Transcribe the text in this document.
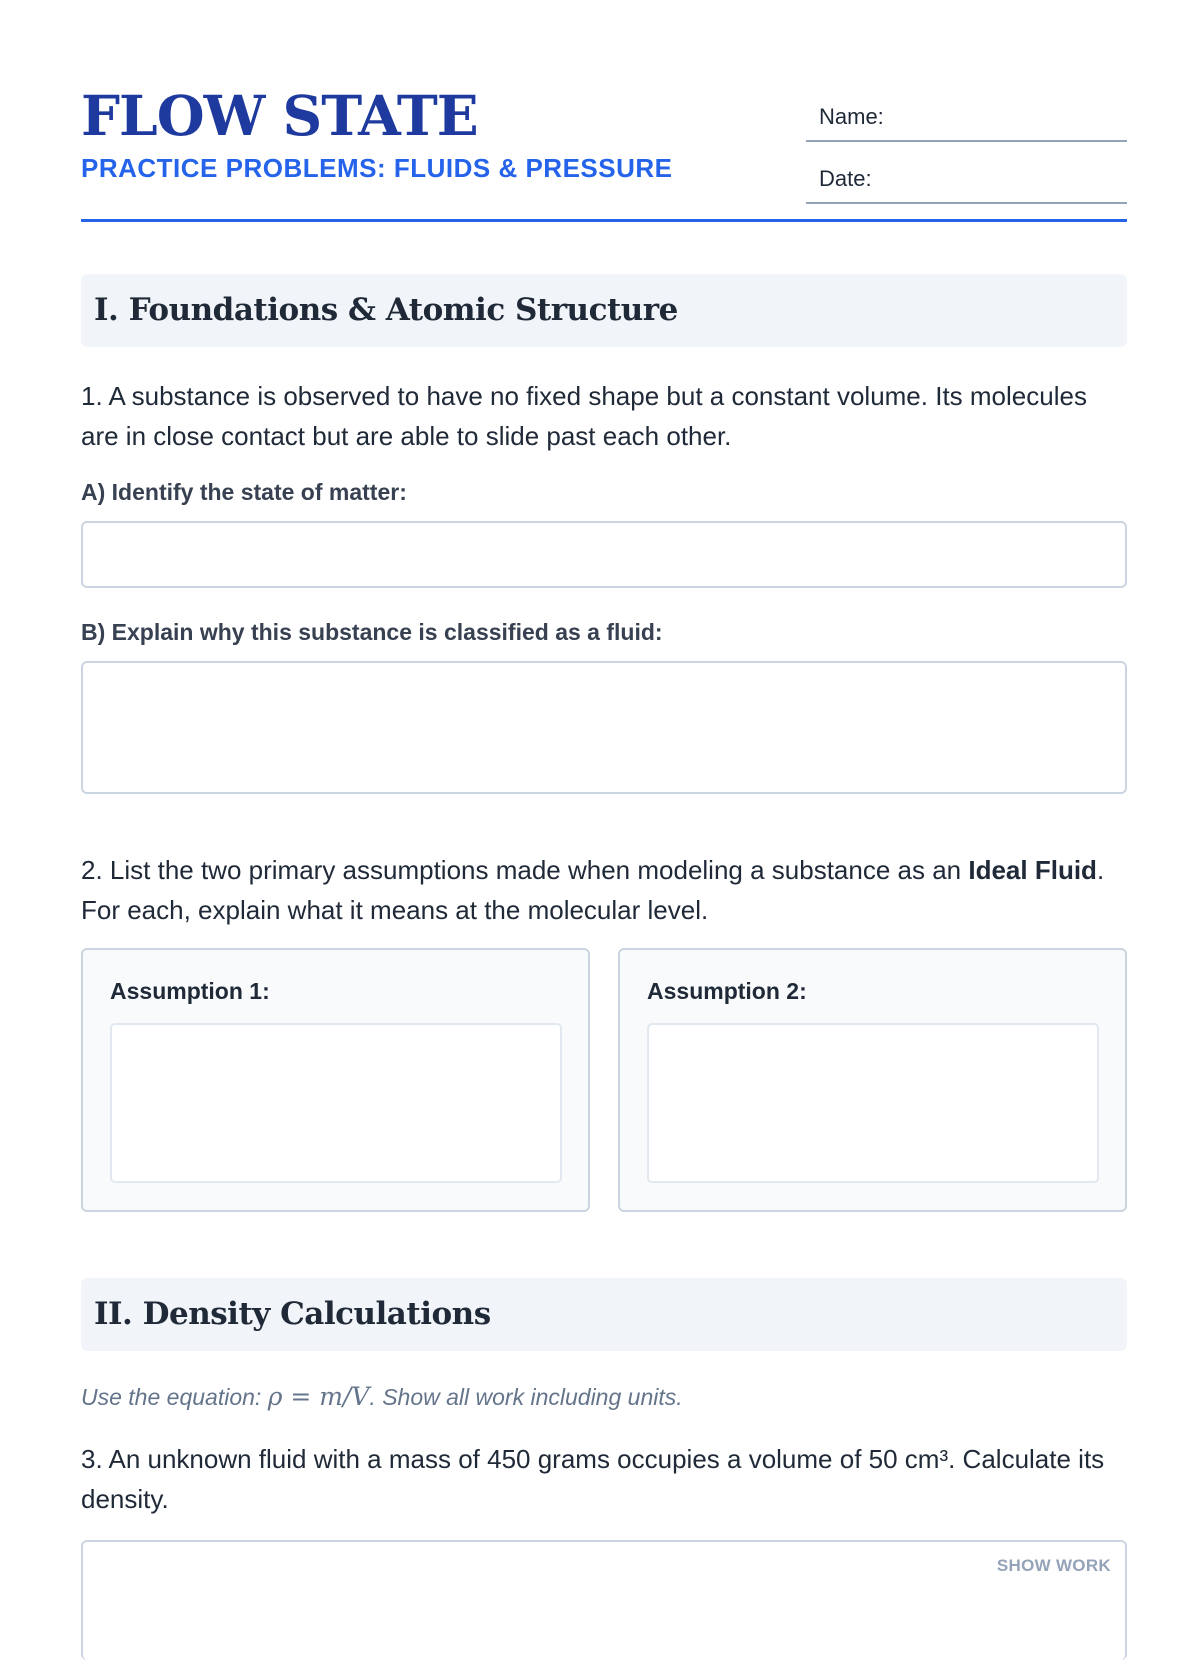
FLOW STATE

PRACTICE PROBLEMS: FLUIDS & PRESSURE

Name:
Date:
I. Foundations & Atomic Structure

1. A substance is observed to have no fixed shape but a constant volume. Its molecules are in close contact but are able to slide past each other.

A) Identify the state of matter:

B) Explain why this substance is classified as a fluid:

2. List the two primary assumptions made when modeling a substance as an Ideal Fluid. For each, explain what it means at the molecular level.

Assumption 1:	Assumption 2:

II. Density Calculations

Use the equation: ρ = m/V. Show all work including units.

3. An unknown fluid with a mass of 450 grams occupies a volume of 50 cm³. Calculate its density.

SHOW WORK
